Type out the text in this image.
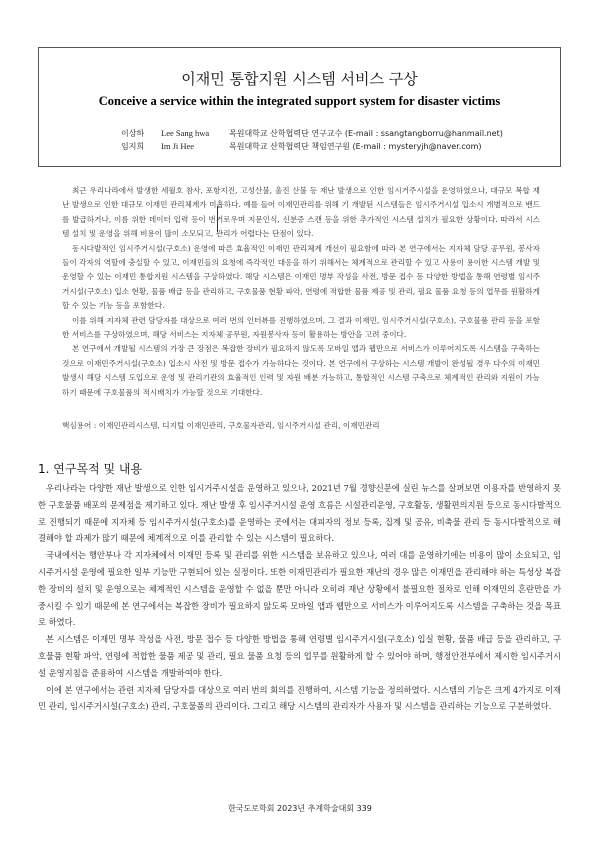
이재민 통합지원 시스템 서비스 구상
Conceive a service within the integrated support system for disaster victims
이상하 Lee Sang hwa 목원대학교 산학협력단 연구교수 (E-mail : ssangtangborru@hanmail.net)
임지희 Im Ji Hee	목원대학교 산학협력단 책임연구원 (E-mail : mysteryjh@naver.com)

최근 우리나라에서 발생한 세월호 참사, 포항지진, 고성산불, 울진 산불 등 재난 발생으로 인한 임시거주시설을 운영하였으나, 대규모 복합 재난 발생으로 인한 대규모 이재민 관리체계가 미흡하다. 예를 들어 이재민관리를 위해 기 개발된 시스템들은 임시주거시설 입소시 개별적으로 밴드를 발급하거나, 이름 위한 데이터 입력 등이 번거로우며 지문인식, 신분증 스캔 등을 위한 추가적인 시스템 설치가 필요한 상황이다. 따라서 시스템 설치 및 운영을 위해 비용이 많이 소모되고, 관리가 어렵다는 단점이 있다.

동시다발적인 임시주거시설(구호소) 운영에 따른 효율적인 이재민 관리체계 개선이 필요함에 따라 본 연구에서는 지자체 담당 공무원, 봉사자들이 각자의 역할에 충실할 수 있고, 이재민들의 요청에 즉각적인 대응을 하기 위해서는 체계적으로 관리할 수 있고 사용이 용이한 시스템 개발 및 운영할 수 있는 이재민 통합지원 시스템을 구상하였다. 해당 시스템은 이재민 명부 작성을 사전, 방문 접수 등 다양한 방법을 통해 연령별 임시주거시설(구호소) 입소 현황, 물품 배급 등을 관리하고, 구호물품 현황 파악, 연령에 적합한 물품 제공 및 관리, 필요 물품 요청 등의 업무를 원활하게 할 수 있는 기능 등을 포함한다.

이를 위해 지자체 관련 담당자를 대상으로 여러 번의 인터뷰를 진행하였으며, 그 결과 이재민, 임시주거시설(구호소), 구호물품 관리 등을 포함한 서비스를 구상하였으며, 해당 서비스는 지자체 공무원, 자원봉사자 등이 활용하는 방안을 고려 중이다.

본 연구에서 개발될 시스템의 가장 큰 장점은 복잡한 장비가 필요하지 않도록 모바일 앱과 웹만으로 서비스가 이루어지도록 시스템을 구축하는 것으로 이재민주거시설(구호소) 입소시 사전 및 방문 접수가 가능하다는 것이다. 본 연구에서 구상하는 시스템 개발이 완성될 경우 다수의 이재민 발생시 해당 시스템 도입으로 운영 및 관리기관의 효율적인 인력 및 자원 배분 가능하고, 통합적인 시스템 구축으로 체계적인 관리와 지원이 가능하기 때문에 구호물품의 적시배치가 가능할 것으로 기대한다.

핵심용어 : 이재민관리시스템, 디지털 이재민관리, 구호물자관리, 임시주거시설 관리, 이재민관리
1. 연구목적 및 내용

우리나라는 다양한 재난 발생으로 인한 임시거주시설을 운영하고 있으나, 2021년 7월 경향신문에 실린 뉴스를 살펴보면 이용자를 반영하지 못한 구호물품 배포의 문제점을 제기하고 있다. 재난 발생 후 임시주거시설 운영 흐름은 시설관리운영, 구호활동, 생활편의지원 등으로 동시다발적으로 진행되기 때문에 지자체 등 임시주거시설(구호소)를 운영하는 곳에서는 대피자의 정보 등록, 집계 및 공유, 비축물 관리 등 동시다발적으로 해결해야 할 과제가 많기 때문에 체계적으로 이를 관리할 수 있는 시스템이 필요하다.

국내에서는 행안부나 각 지자체에서 이재민 등록 및 관리를 위한 시스템을 보유하고 있으나, 여러 대를 운영하기에는 비용이 많이 소요되고, 임시주거시설 운영에 필요한 일부 기능만 구현되어 있는 실정이다. 또한 이재민관리가 필요한 재난의 경우 많은 이재민을 관리해야 하는 특성상 복잡한 장비의 설치 및 운영으로는 체계적인 시스템을 운영할 수 없을 뿐만 아니라 오히려 재난 상황에서 불필요한 절차로 인해 이재민의 혼란만을 가중시킬 수 있기 때문에 본 연구에서는 복잡한 장비가 필요하지 않도록 모바일 앱과 웹만으로 서비스가 이루어지도록 시스템을 구축하는 것을 목표로 하였다.

본 시스템은 이재민 명부 작성을 사전, 방문 접수 등 다양한 방법을 통해 연령별 임시주거시설(구호소) 입실 현황, 물품 배급 등을 관리하고, 구호물품 현황 파악, 연령에 적합한 물품 제공 및 관리, 필요 물품 요청 등의 업무를 원활하게 할 수 있어야 하며, 행정안전부에서 제시한 임시주거시설 운영지침을 준용하여 시스템을 개발하여야 한다.

이에 본 연구에서는 관련 지자체 담당자를 대상으로 여러 번의 회의를 진행하여, 시스템 기능을 정의하였다. 시스템의 기능은 크게 4가지로 이재민 관리, 임시주거시설(구호소) 관리, 구호물품의 관리이다. 그리고 해당 시스템의 관리자가 사용자 및 시스템을 관리하는 기능으로 구분하였다.

한국도로학회 2023년 추계학술대회 339
